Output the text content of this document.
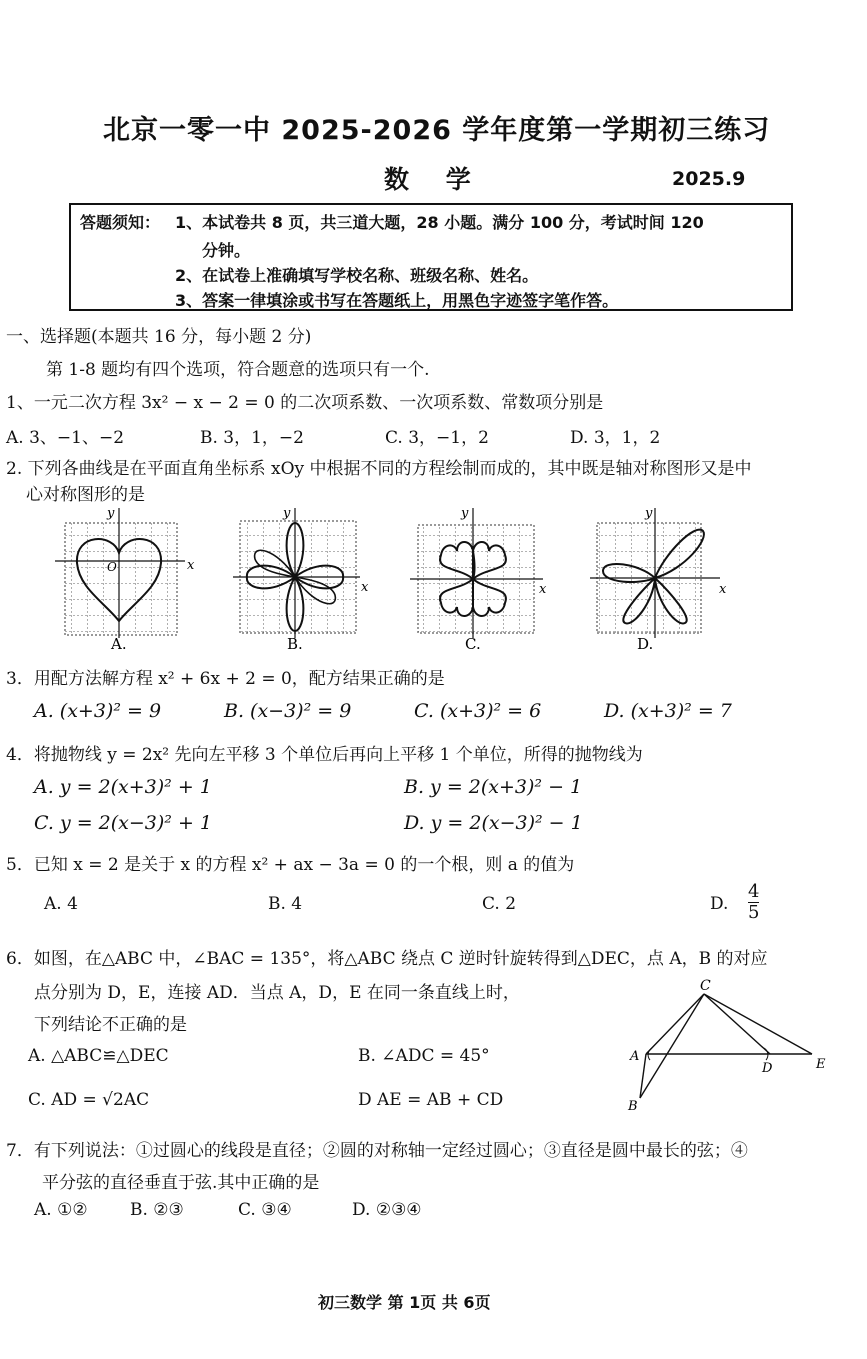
北京一零一中 2025-2026 学年度第一学期初三练习
数 学	2025.9
答题须知： 1、本试卷共 8 页，共三道大题，28 小题。满分 100 分，考试时间 120
分钟。
2、在试卷上准确填写学校名称、班级名称、姓名。
3、答案一律填涂或书写在答题纸上，用黑色字迹签字笔作答。
一、选择题(本题共 16 分，每小题 2 分)
第 1-8 题均有四个选项，符合题意的选项只有一个.
1、一元二次方程 3x² − x − 2 = 0 的二次项系数、一次项系数、常数项分别是
A. 3、−1、−2	B. 3，1，−2	C. 3，−1，2	D. 3，1，2
2. 下列各曲线是在平面直角坐标系 xOy 中根据不同的方程绘制而成的，其中既是轴对称图形又是中
心对称图形的是
x
y
O
A.
x
y
B.
x
y
C.
x
y
D.
3．用配方法解方程 x² + 6x + 2 = 0，配方结果正确的是
A. (x+3)² = 9	B. (x−3)² = 9	C. (x+3)² = 6	D. (x+3)² = 7
4．将抛物线 y = 2x² 先向左平移 3 个单位后再向上平移 1 个单位，所得的抛物线为
A. y = 2(x+3)² + 1	B. y = 2(x+3)² − 1
C. y = 2(x−3)² + 1	D. y = 2(x−3)² − 1
5．已知 x = 2 是关于 x 的方程 x² + ax − 3a = 0 的一个根，则 a 的值为
A. 4	B. 4	C. 2	D. $\frac{4}{5}$
6．如图，在△ABC 中，∠BAC = 135°，将△ABC 绕点 C 逆时针旋转得到△DEC，点 A，B 的对应
点分别为 D，E，连接 AD．当点 A，D，E 在同一条直线上时，
下列结论不正确的是
A. △ABC≌△DEC	B. ∠ADC = 45°
C. AD = √2AC	D AE = AB + CD
C
A
D	E
B
7．有下列说法：①过圆心的线段是直径；②圆的对称轴一定经过圆心；③直径是圆中最长的弦；④
平分弦的直径垂直于弦.其中正确的是
A. ①② B. ②③	C. ③④	D. ②③④
初三数学 第 1页 共 6页
